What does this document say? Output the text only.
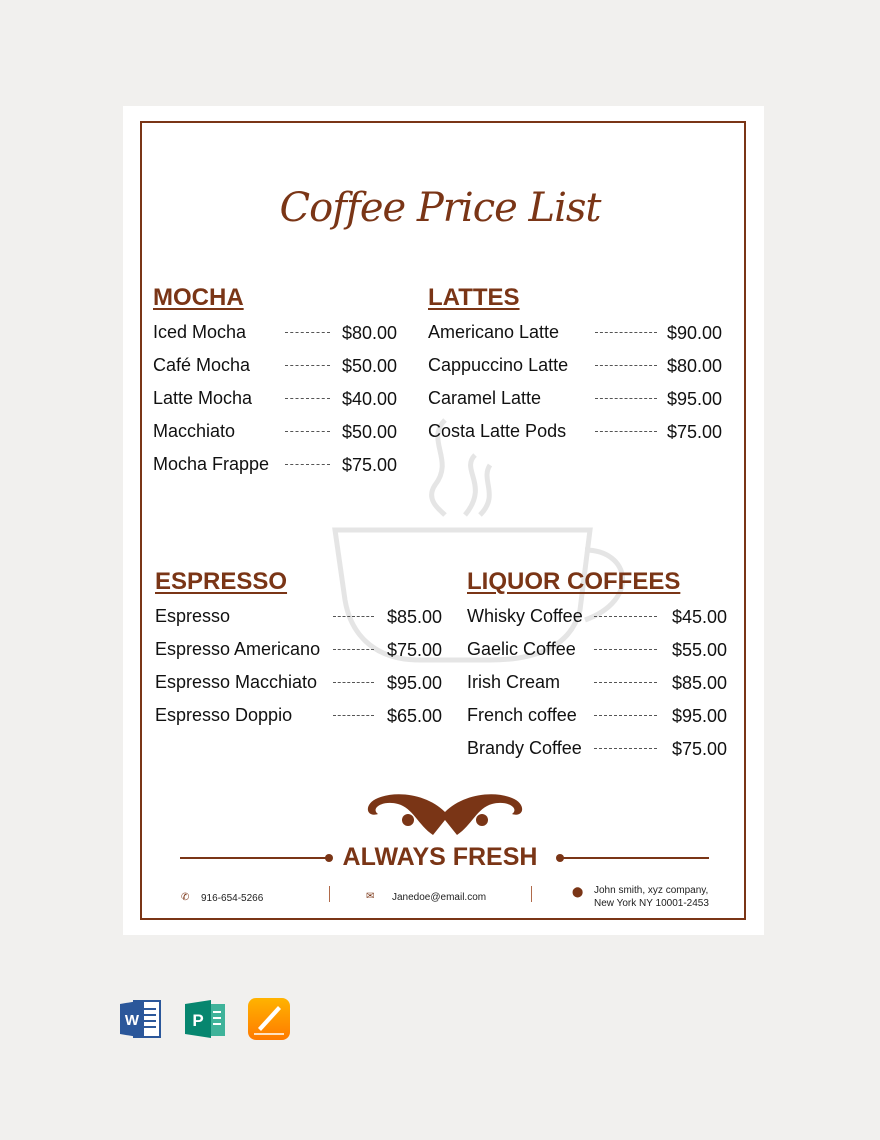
Coffee Price List
MOCHA
Iced Mocha	$80.00
Café Mocha	$50.00
Latte Mocha	$40.00
Macchiato	$50.00
Mocha Frappe	$75.00
LATTES
Americano Latte	$90.00
Cappuccino Latte	$80.00
Caramel Latte	$95.00
Costa Latte Pods	$75.00
ESPRESSO
Espresso	$85.00
Espresso Americano	$75.00
Espresso Macchiato	$95.00
Espresso Doppio	$65.00
LIQUOR COFFEES
Whisky Coffee	$45.00
Gaelic Coffee	$55.00
Irish Cream	$85.00
French coffee	$95.00
Brandy Coffee	$75.00
ALWAYS FRESH
✆ 916-654-5266	✉ Janedoe@email.com	⬤ John smith, xyz company,
New York NY 10001-2453
W	P
